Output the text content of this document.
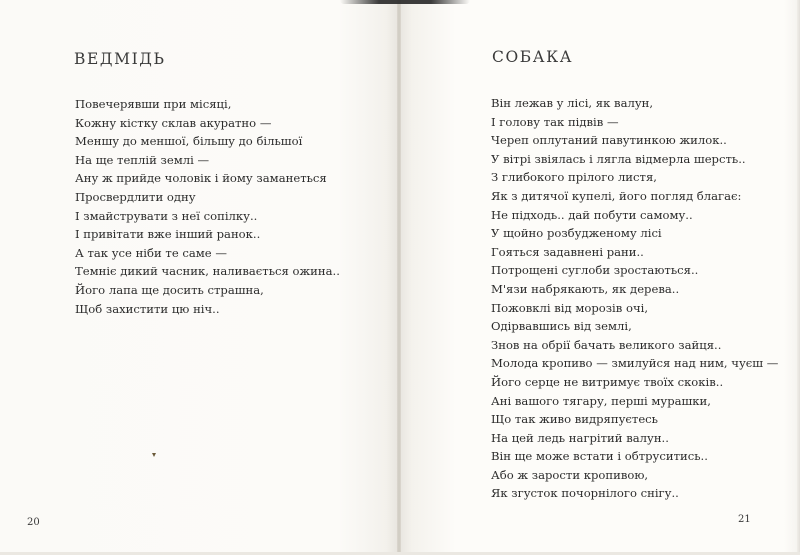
ВЕДМІДЬ
Повечерявши при місяці,
Кожну кістку склав акуратно —
Меншу до меншої, більшу до більшої
На ще теплій землі —
Ану ж прийде чоловік і йому заманеться
Просвердлити одну
І змайструвати з неї сопілку..
І привітати вже інший ранок..
А так усе ніби те саме —
Темніє дикий часник, наливається ожина..
Його лапа ще досить страшна,
Щоб захистити цю ніч..
20
СОБАКА
Він лежав у лісі, як валун,
І голову так підвів —
Череп оплутаний павутинкою жилок..
У вітрі звіялась і лягла відмерла шерсть..
З глибокого прілого листя,
Як з дитячої купелі, його погляд благає:
Не підходь.. дай побути самому..
У щойно розбудженому лісі
Гояться задавнені рани..
Потрощені суглоби зростаються..
М'язи набрякають, як дерева..
Пожовклі від морозів очі,
Одірвавшись від землі,
Знов на обрії бачать великого зайця..
Молода кропиво — змилуйся над ним, чуєш —
Його серце не витримує твоїх скоків..
Ані вашого тягару, перші мурашки,
Що так живо видряпуєтесь
На цей ледь нагрітий валун..
Він ще може встати і обтруситись..
Або ж зарости кропивою,
Як згусток почорнілого снігу..
21
